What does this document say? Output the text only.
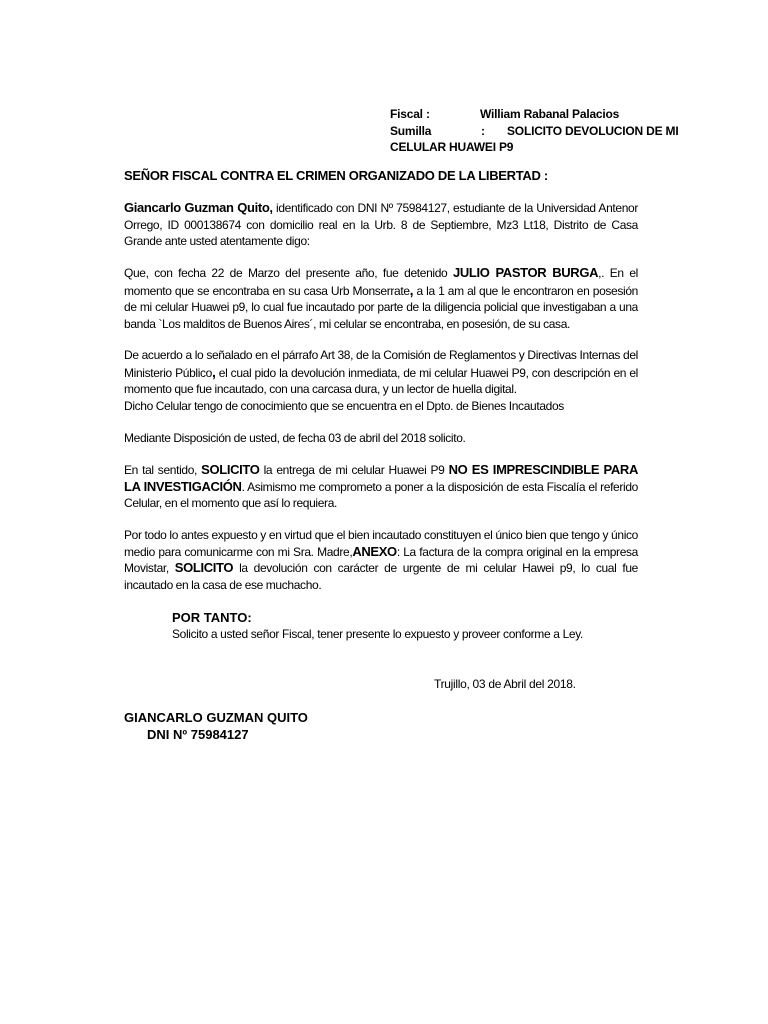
Fiscal :	William Rabanal Palacios
Sumilla	: SOLICITO DEVOLUCION DE MI
CELULAR HUAWEI P9
SEÑOR FISCAL CONTRA EL CRIMEN ORGANIZADO DE LA LIBERTAD :
Giancarlo Guzman Quito, identificado con DNI Nº 75984127, estudiante de la Universidad Antenor Orrego, ID 000138674 con domicilio real en la Urb. 8 de Septiembre, Mz3 Lt18, Distrito de Casa Grande ante usted atentamente digo:
Que, con fecha 22 de Marzo del presente año, fue detenido JULIO PASTOR BURGA,. En el momento que se encontraba en su casa Urb Monserrate, a la 1 am al que le encontraron en posesión de mi celular Huawei p9, lo cual fue incautado por parte de la diligencia policial que investigaban a una banda `Los malditos de Buenos Aires´, mi celular se encontraba, en posesión, de su casa.
De acuerdo a lo señalado en el párrafo Art 38, de la Comisión de Reglamentos y Directivas Internas del Ministerio Público, el cual pido la devolución inmediata, de mi celular Huawei P9, con descripción en el momento que fue incautado, con una carcasa dura, y un lector de huella digital.
Dicho Celular tengo de conocimiento que se encuentra en el Dpto. de Bienes Incautados
Mediante Disposición de usted, de fecha 03 de abril del 2018 solicito.
En tal sentido, SOLICITO la entrega de mi celular Huawei P9 NO ES IMPRESCINDIBLE PARA LA INVESTIGACIÓN. Asimismo me comprometo a poner a la disposición de esta Fiscalía el referido Celular, en el momento que así lo requiera.
Por todo lo antes expuesto y en virtud que el bien incautado constituyen el único bien que tengo y único medio para comunicarme con mi Sra. Madre,ANEXO: La factura de la compra original en la empresa Movistar, SOLICITO la devolución con carácter de urgente de mi celular Hawei p9, lo cual fue incautado en la casa de ese muchacho.
POR TANTO:
Solicito a usted señor Fiscal, tener presente lo expuesto y proveer conforme a Ley.
Trujillo, 03 de Abril del 2018.
GIANCARLO GUZMAN QUITO
DNI Nº 75984127
